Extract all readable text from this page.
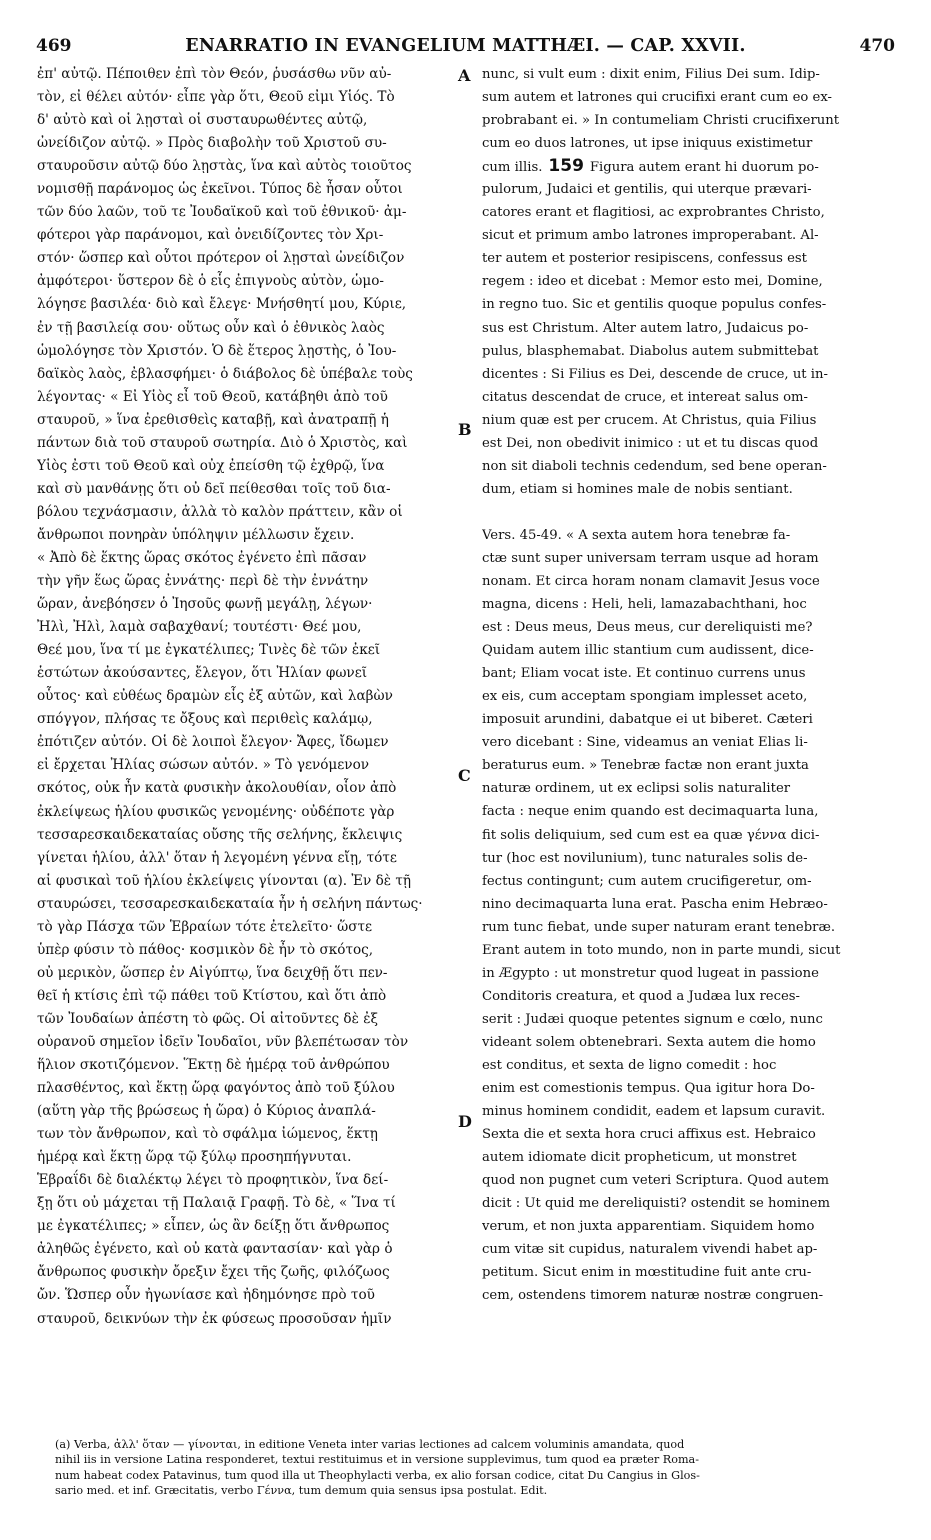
469	ENARRATIO IN EVANGELIUM MATTHÆI. — CAP. XXVII.	470
A
B
C
D
ἐπ' αὐτῷ. Πέποιθεν ἐπὶ τὸν Θεόν, ῥυσάσθω νῦν αὐ-
τὸν, εἰ θέλει αὐτόν· εἶπε γὰρ ὅτι, Θεοῦ εἰμι Υἱός. Τὸ
δ' αὐτὸ καὶ οἱ λῃσταὶ οἱ συσταυρωθέντες αὐτῷ,
ὠνείδιζον αὐτῷ. » Πρὸς διαβολὴν τοῦ Χριστοῦ συ-
σταυροῦσιν αὐτῷ δύο λῃστὰς, ἵνα καὶ αὐτὸς τοιοῦτος
νομισθῇ παράνομος ὡς ἐκεῖνοι. Τύπος δὲ ἦσαν οὗτοι
τῶν δύο λαῶν, τοῦ τε Ἰουδαϊκοῦ καὶ τοῦ ἐθνικοῦ· ἀμ-
φότεροι γὰρ παράνομοι, καὶ ὀνειδίζοντες τὸν Χρι-
στόν· ὥσπερ καὶ οὗτοι πρότερον οἱ λῃσταὶ ὠνείδιζον
ἀμφότεροι· ὕστερον δὲ ὁ εἷς ἐπιγνοὺς αὐτὸν, ὡμο-
λόγησε βασιλέα· διὸ καὶ ἔλεγε· Μνήσθητί μου, Κύριε,
ἐν τῇ βασιλείᾳ σου· οὕτως οὖν καὶ ὁ ἐθνικὸς λαὸς
ὡμολόγησε τὸν Χριστόν. Ὁ δὲ ἕτερος λῃστὴς, ὁ Ἰου-
δαϊκὸς λαὸς, ἐβλασφήμει· ὁ διάβολος δὲ ὑπέβαλε τοὺς
λέγοντας· « Εἰ Υἱὸς εἶ τοῦ Θεοῦ, κατάβηθι ἀπὸ τοῦ
σταυροῦ, » ἵνα ἐρεθισθεὶς καταβῇ, καὶ ἀνατραπῇ ἡ
πάντων διὰ τοῦ σταυροῦ σωτηρία. Διὸ ὁ Χριστὸς, καὶ
Υἱὸς ἐστι τοῦ Θεοῦ καὶ οὐχ ἐπείσθη τῷ ἐχθρῷ, ἵνα
καὶ σὺ μανθάνῃς ὅτι οὐ δεῖ πείθεσθαι τοῖς τοῦ δια-
βόλου τεχνάσμασιν, ἀλλὰ τὸ καλὸν πράττειν, κἂν οἱ
ἄνθρωποι πονηρὰν ὑπόληψιν μέλλωσιν ἔχειν.
« Ἀπὸ δὲ ἕκτης ὥρας σκότος ἐγένετο ἐπὶ πᾶσαν
τὴν γῆν ἕως ὥρας ἐννάτης· περὶ δὲ τὴν ἐννάτην
ὥραν, ἀνεβόησεν ὁ Ἰησοῦς φωνῇ μεγάλῃ, λέγων·
Ἠλὶ, Ἠλὶ, λαμὰ σαβαχθανί; τουτέστι· Θεέ μου,
Θεέ μου, ἵνα τί με ἐγκατέλιπες; Τινὲς δὲ τῶν ἐκεῖ
ἑστώτων ἀκούσαντες, ἔλεγον, ὅτι Ἠλίαν φωνεῖ
οὗτος· καὶ εὐθέως δραμὼν εἷς ἐξ αὐτῶν, καὶ λαβὼν
σπόγγον, πλήσας τε ὄξους καὶ περιθεὶς καλάμῳ,
ἐπότιζεν αὐτόν. Οἱ δὲ λοιποὶ ἔλεγον· Ἄφες, ἴδωμεν
εἰ ἔρχεται Ἠλίας σώσων αὐτόν. » Τὸ γενόμενον
σκότος, οὐκ ἦν κατὰ φυσικὴν ἀκολουθίαν, οἷον ἀπὸ
ἐκλείψεως ἡλίου φυσικῶς γενομένης· οὐδέποτε γὰρ
τεσσαρεσκαιδεκαταίας οὔσης τῆς σελήνης, ἔκλειψις
γίνεται ἡλίου, ἀλλ' ὅταν ἡ λεγομένη γέννα εἴῃ, τότε
αἱ φυσικαὶ τοῦ ἡλίου ἐκλείψεις γίνονται (α). Ἐν δὲ τῇ
σταυρώσει, τεσσαρεσκαιδεκαταία ἦν ἡ σελήνη πάντως·
τὸ γὰρ Πάσχα τῶν Ἑβραίων τότε ἐτελεῖτο· ὥστε
ὑπὲρ φύσιν τὸ πάθος· κοσμικὸν δὲ ἦν τὸ σκότος,
οὐ μερικὸν, ὥσπερ ἐν Αἰγύπτῳ, ἵνα δειχθῇ ὅτι πεν-
θεῖ ἡ κτίσις ἐπὶ τῷ πάθει τοῦ Κτίστου, καὶ ὅτι ἀπὸ
τῶν Ἰουδαίων ἀπέστη τὸ φῶς. Οἱ αἰτοῦντες δὲ ἐξ
οὐρανοῦ σημεῖον ἰδεῖν Ἰουδαῖοι, νῦν βλεπέτωσαν τὸν
ἥλιον σκοτιζόμενον. Ἕκτῃ δὲ ἡμέρᾳ τοῦ ἀνθρώπου
πλασθέντος, καὶ ἕκτῃ ὥρᾳ φαγόντος ἀπὸ τοῦ ξύλου
(αὕτη γὰρ τῆς βρώσεως ἡ ὥρα) ὁ Κύριος ἀναπλά-
των τὸν ἄνθρωπον, καὶ τὸ σφάλμα ἰώμενος, ἕκτῃ
ἡμέρᾳ καὶ ἕκτῃ ὥρᾳ τῷ ξύλῳ προσηπήγνυται.
Ἑβραΐδι δὲ διαλέκτῳ λέγει τὸ προφητικὸν, ἵνα δεί-
ξῃ ὅτι οὐ μάχεται τῇ Παλαιᾷ Γραφῇ. Τὸ δὲ, « Ἵνα τί
με ἐγκατέλιπες; » εἶπεν, ὡς ἂν δείξῃ ὅτι ἄνθρωπος
ἀληθῶς ἐγένετο, καὶ οὐ κατὰ φαντασίαν· καὶ γὰρ ὁ
ἄνθρωπος φυσικὴν ὄρεξιν ἔχει τῆς ζωῆς, φιλόζωος
ὤν. Ὥσπερ οὖν ἠγωνίασε καὶ ἠδημόνησε πρὸ τοῦ
σταυροῦ, δεικνύων τὴν ἐκ φύσεως προσοῦσαν ἡμῖν
nunc, si vult eum : dixit enim, Filius Dei sum. Idip-
sum autem et latrones qui crucifixi erant cum eo ex-
probrabant ei. » In contumeliam Christi crucifixerunt
cum eo duos latrones, ut ipse iniquus existimetur
cum illis. 159 Figura autem erant hi duorum po-
pulorum, Judaici et gentilis, qui uterque prævari-
catores erant et flagitiosi, ac exprobrantes Christo,
sicut et primum ambo latrones improperabant. Al-
ter autem et posterior resipiscens, confessus est
regem : ideo et dicebat : Memor esto mei, Domine,
in regno tuo. Sic et gentilis quoque populus confes-
sus est Christum. Alter autem latro, Judaicus po-
pulus, blasphemabat. Diabolus autem submittebat
dicentes : Si Filius es Dei, descende de cruce, ut in-
citatus descendat de cruce, et intereat salus om-
nium quæ est per crucem. At Christus, quia Filius
est Dei, non obedivit inimico : ut et tu discas quod
non sit diaboli technis cedendum, sed bene operan-
dum, etiam si homines male de nobis sentiant.
Vers. 45-49. « A sexta autem hora tenebræ fa-
ctæ sunt super universam terram usque ad horam
nonam. Et circa horam nonam clamavit Jesus voce
magna, dicens : Heli, heli, lamazabachthani, hoc
est : Deus meus, Deus meus, cur dereliquisti me?
Quidam autem illic stantium cum audissent, dice-
bant; Eliam vocat iste. Et continuo currens unus
ex eis, cum acceptam spongiam implesset aceto,
imposuit arundini, dabatque ei ut biberet. Cæteri
vero dicebant : Sine, videamus an veniat Elias li-
beraturus eum. » Tenebræ factæ non erant juxta
naturæ ordinem, ut ex eclipsi solis naturaliter
facta : neque enim quando est decimaquarta luna,
fit solis deliquium, sed cum est ea quæ γέννα dici-
tur (hoc est novilunium), tunc naturales solis de-
fectus contingunt; cum autem crucifigeretur, om-
nino decimaquarta luna erat. Pascha enim Hebræo-
rum tunc fiebat, unde super naturam erant tenebræ.
Erant autem in toto mundo, non in parte mundi, sicut
in Ægypto : ut monstretur quod lugeat in passione
Conditoris creatura, et quod a Judæa lux reces-
serit : Judæi quoque petentes signum e cœlo, nunc
videant solem obtenebrari. Sexta autem die homo
est conditus, et sexta de ligno comedit : hoc
enim est comestionis tempus. Qua igitur hora Do-
minus hominem condidit, eadem et lapsum curavit.
Sexta die et sexta hora cruci affixus est. Hebraico
autem idiomate dicit propheticum, ut monstret
quod non pugnet cum veteri Scriptura. Quod autem
dicit : Ut quid me dereliquisti? ostendit se hominem
verum, et non juxta apparentiam. Siquidem homo
cum vitæ sit cupidus, naturalem vivendi habet ap-
petitum. Sicut enim in mœstitudine fuit ante cru-
cem, ostendens timorem naturæ nostræ congruen-
(a) Verba, ἀλλ' ὅταν — γίνονται, in editione Veneta inter varias lectiones ad calcem voluminis amandata, quod
nihil iis in versione Latina responderet, textui restituimus et in versione supplevimus, tum quod ea præter Roma-
num habeat codex Patavinus, tum quod illa ut Theophylacti verba, ex alio forsan codice, citat Du Cangius in Glos-
sario med. et inf. Græcitatis, verbo Γέννα, tum demum quia sensus ipsa postulat. Edit.
